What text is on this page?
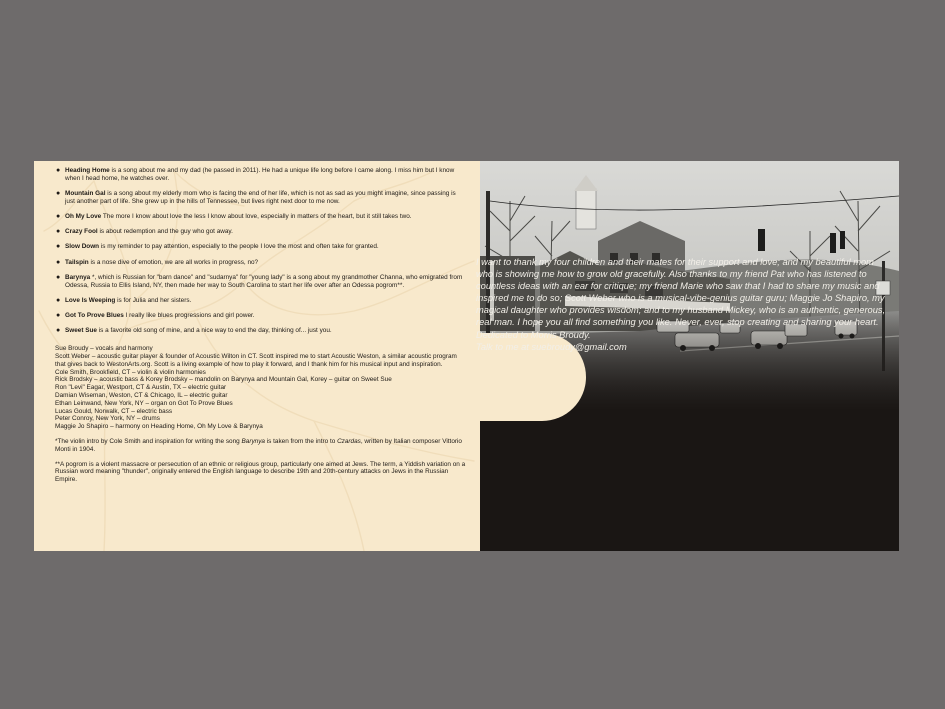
● Heading Home is a song about me and my dad (he passed in 2011). He had a unique life long before I came along. I miss him but I know when I head home, he watches over.
● Mountain Gal is a song about my elderly mom who is facing the end of her life, which is not as sad as you might imagine, since passing is just another part of life. She grew up in the hills of Tennessee, but lives right next door to me now.
● Oh My Love The more I know about love the less I know about love, especially in matters of the heart, but it still takes two.
● Crazy Fool is about redemption and the guy who got away.
● Slow Down is my reminder to pay attention, especially to the people I love the most and often take for granted.
● Tailspin is a nose dive of emotion, we are all works in progress, no?
● Barynya *, which is Russian for "barn dance" and "sudarnya" for "young lady" is a song about my grandmother Channa, who emigrated from Odessa, Russia to Ellis Island, NY, then made her way to South Carolina to start her life over after an Odessa pogrom**.
● Love Is Weeping is for Julia and her sisters.
● Got To Prove Blues I really like blues progressions and girl power.
● Sweet Sue is a favorite old song of mine, and a nice way to end the day, thinking of... just you.
Sue Broudy – vocals and harmony
Scott Weber – acoustic guitar player & founder of Acoustic Wilton in CT. Scott inspired me to start Acoustic Weston, a similar acoustic program that gives back to WestonArts.org. Scott is a living example of how to play it forward, and I thank him for his musical input and inspiration.
Cole Smith, Brookfield, CT – violin & violin harmonies
Rick Brodsky – acoustic bass & Korey Brodsky – mandolin on Barynya and Mountain Gal, Korey – guitar on Sweet Sue
Ron "Levi" Eagar, Westport, CT & Austin, TX – electric guitar
Damian Wiseman, Weston, CT & Chicago, IL – electric guitar
Ethan Leinwand, New York, NY – organ on Got To Prove Blues
Lucas Gould, Norwalk, CT – electric bass
Peter Conroy, New York, NY – drums
Maggie Jo Shapiro – harmony on Heading Home, Oh My Love & Barynya
*The violin intro by Cole Smith and inspiration for writing the song Barynya is taken from the intro to Czardas, written by Italian composer Vittorio Monti in 1904.
**A pogrom is a violent massacre or persecution of an ethnic or religious group, particularly one aimed at Jews. The term, a Yiddish variation on a Russian word meaning "thunder", originally entered the English language to describe 19th and 20th-century attacks on Jews in the Russian Empire.

I want to thank my four children and their mates for their support and love; and my beautiful mom who is showing me how to grow old gracefully. Also thanks to my friend Pat who has listened to countless ideas with an ear for critique; my friend Marie who saw that I had to share my music and inspired me to do so; Scott Weber who is a musical-vibe-genius guitar guru; Maggie Jo Shapiro, my magical daughter who provides wisdom; and to my husband Mickey, who is an authentic, generous, real man. I hope you all find something you like. Never, ever, stop creating and sharing your heart.

Dedicated to Morris Broudy.

Talk to me at suebroudy@gmail.com
